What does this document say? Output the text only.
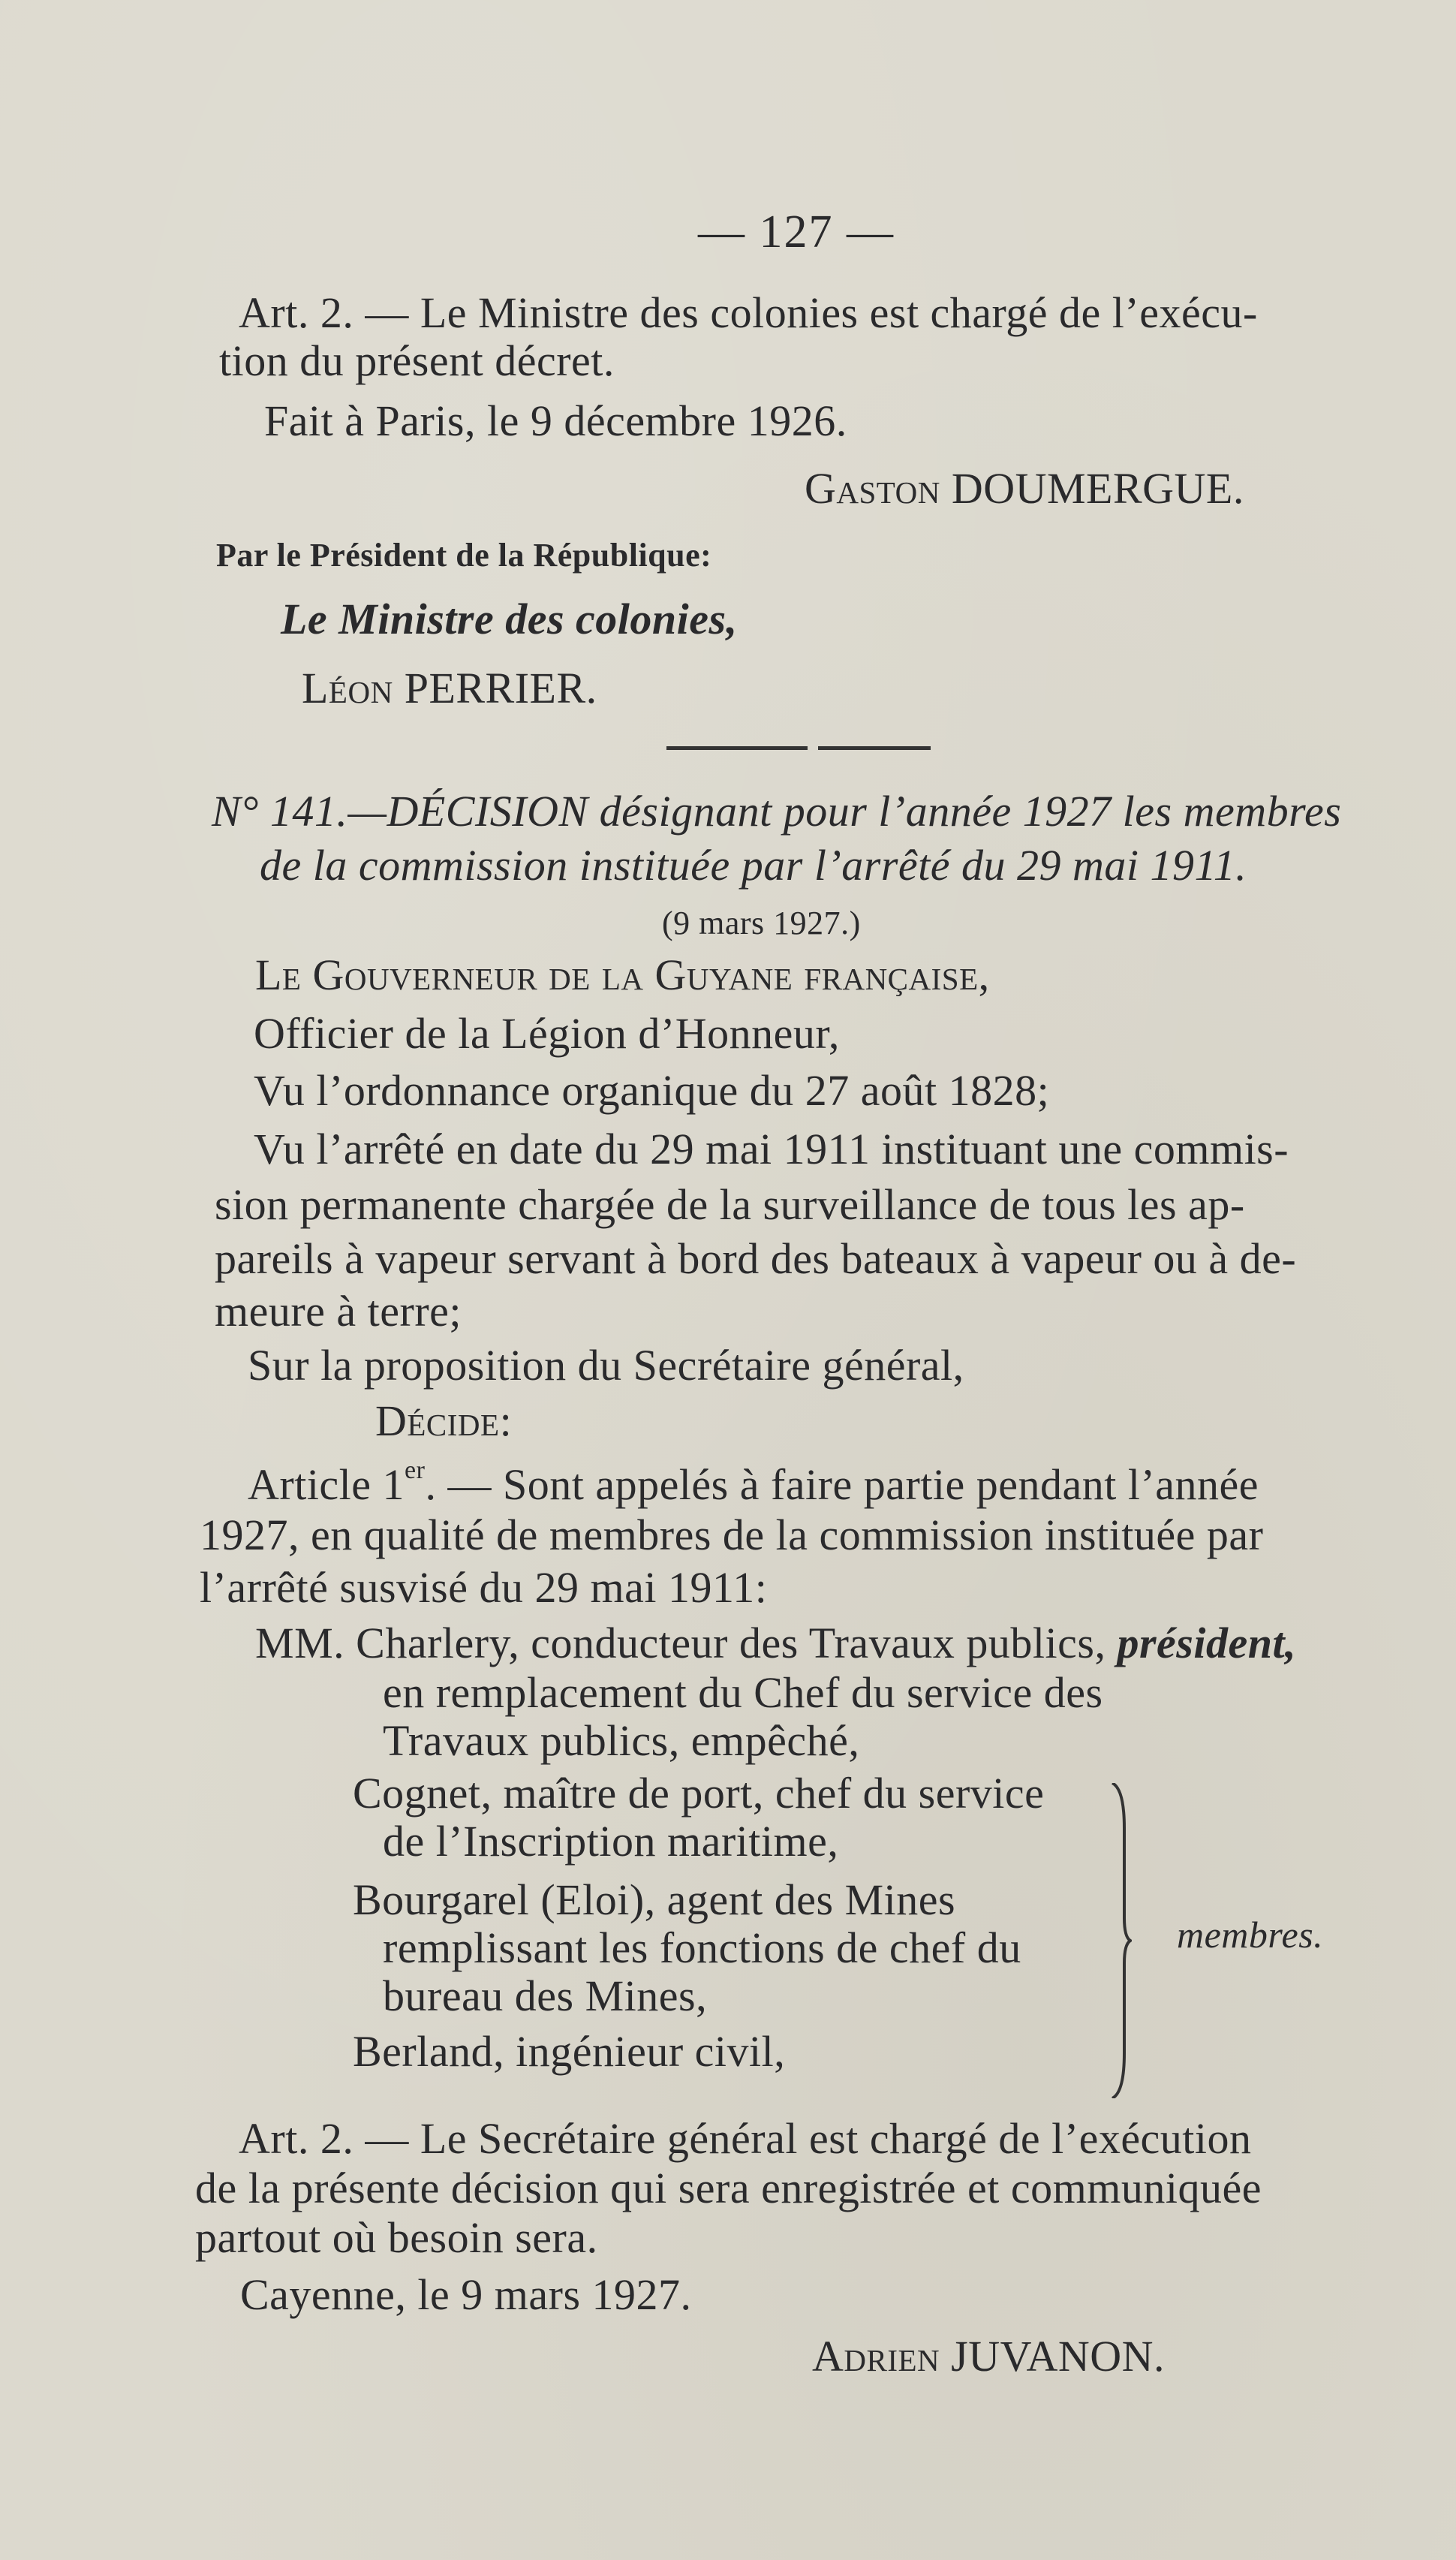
— 127 —
Art. 2. — Le Ministre des colonies est chargé de l’exécu-
tion du présent décret.
Fait à Paris, le 9 décembre 1926.
Gaston DOUMERGUE.
Par le Président de la République:
Le Ministre des colonies,
Léon PERRIER.
N° 141.—DÉCISION désignant pour l’année 1927 les membres
de la commission instituée par l’arrêté du 29 mai 1911.
(9 mars 1927.)
Le Gouverneur de la Guyane française,
Officier de la Légion d’Honneur,
Vu l’ordonnance organique du 27 août 1828;
Vu l’arrêté en date du 29 mai 1911 instituant une commis-
sion permanente chargée de la surveillance de tous les ap-
pareils à vapeur servant à bord des bateaux à vapeur ou à de-
meure à terre;
Sur la proposition du Secrétaire général,
Décide:
Article 1er. — Sont appelés à faire partie pendant l’année
1927, en qualité de membres de la commission instituée par
l’arrêté susvisé du 29 mai 1911:
MM. Charlery, conducteur des Travaux publics, président,
en remplacement du Chef du service des
Travaux publics, empêché,
Cognet, maître de port, chef du service
de l’Inscription maritime,
Bourgarel (Eloi), agent des Mines
remplissant les fonctions de chef du
bureau des Mines,
Berland, ingénieur civil,
membres.
Art. 2. — Le Secrétaire général est chargé de l’exécution
de la présente décision qui sera enregistrée et communiquée
partout où besoin sera.
Cayenne, le 9 mars 1927.
Adrien JUVANON.
